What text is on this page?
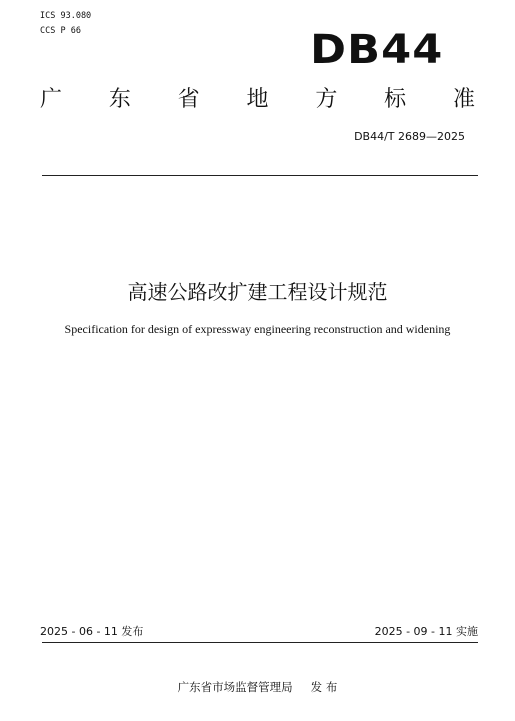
ICS 93.080
CCS P 66	DB44
广 东 省 地 方 标 准
DB44/T 2689—2025
高速公路改扩建工程设计规范
Specification for design of expressway engineering reconstruction and widening
2025 - 06 - 11 发布	2025 - 09 - 11 实施
广东省市场监督管理局 发 布
